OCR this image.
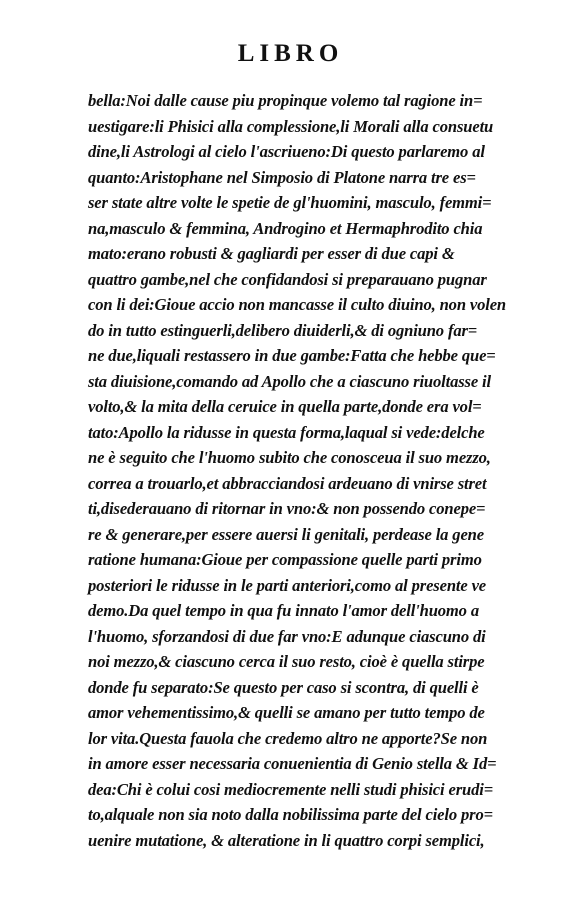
LIBRO
bella:Noi dalle cause piu propinque volemo tal ragione in=
uestigare:li Phisici alla complessione,li Morali alla consuetu
dine,li Astrologi al cielo l'ascriueno:Di questo parlaremo al
quanto:Aristophane nel Simposio di Platone narra tre es=
ser state altre volte le spetie de gl'huomini, masculo, femmi=
na,masculo & femmina, Androgino et Hermaphrodito chia
mato:erano robusti & gagliardi per esser di due capi &
quattro gambe,nel che confidandosi si preparauano pugnar
con li dei:Gioue accio non mancasse il culto diuino, non volen
do in tutto estinguerli,delibero diuiderli,& di ogniuno far=
ne due,liquali restassero in due gambe:Fatta che hebbe que=
sta diuisione,comando ad Apollo che a ciascuno riuoltasse il
volto,& la mita della ceruice in quella parte,donde era vol=
tato:Apollo la ridusse in questa forma,laqual si vede:delche
ne è seguito che l'huomo subito che conosceua il suo mezzo,
correa a trouarlo,et abbracciandosi ardeuano di vnirse stret
ti,disederauano di ritornar in vno:& non possendo conepe=
re & generare,per essere auersi li genitali, perdease la gene
ratione humana:Gioue per compassione quelle parti primo
posteriori le ridusse in le parti anteriori,como al presente ve
demo.Da quel tempo in qua fu innato l'amor dell'huomo a
l'huomo, sforzandosi di due far vno:E adunque ciascuno di
noi mezzo,& ciascuno cerca il suo resto, cioè è quella stirpe
donde fu separato:Se questo per caso si scontra, di quelli è
amor vehementissimo,& quelli se amano per tutto tempo de
lor vita.Questa fauola che credemo altro ne apporte?Se non
in amore esser necessaria conuenientia di Genio stella & Id=
dea:Chi è colui cosi mediocremente nelli studi phisici erudi=
to,alquale non sia noto dalla nobilissima parte del cielo pro=
uenire mutatione, & alteratione in li quattro corpi semplici,
